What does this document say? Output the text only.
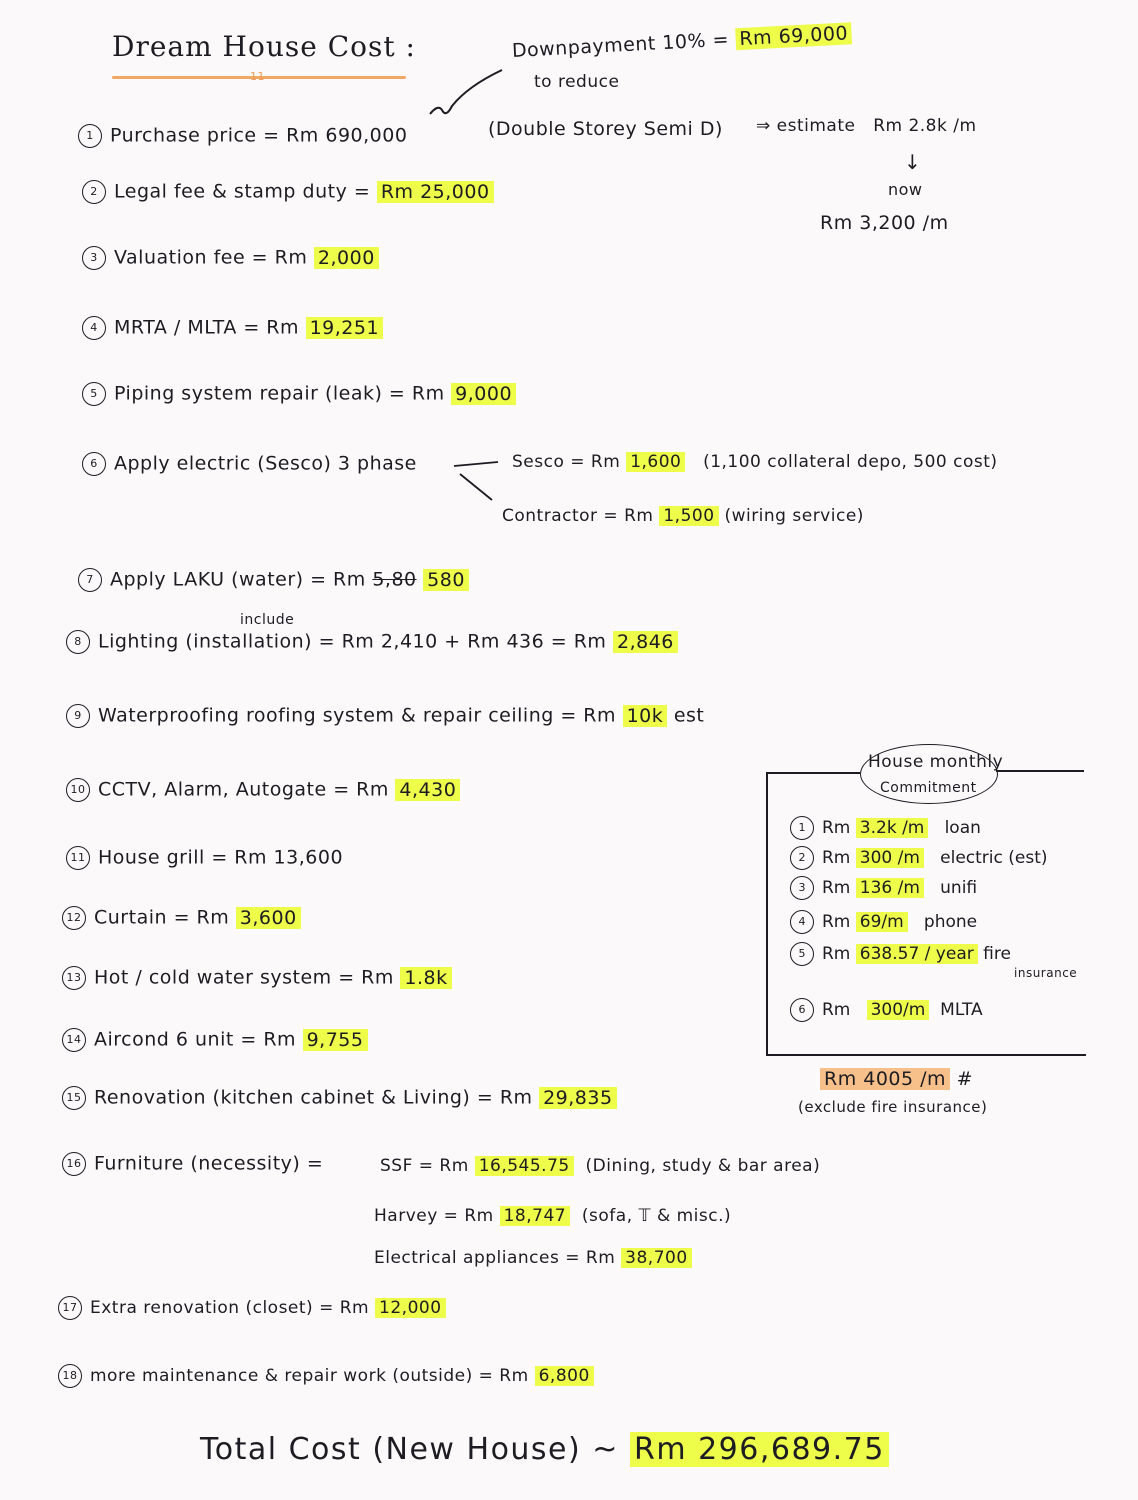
Dream House Cost :
11
Downpayment 10% = Rm 69,000
to reduce
⇒ estimate Rm 2.8k /m
↓
now
Rm 3,200 /m
1 Purchase price = Rm 690,000	(Double Storey Semi D)
2 Legal fee & stamp duty = Rm 25,000
3 Valuation fee = Rm 2,000
4 MRTA / MLTA = Rm 19,251
5 Piping system repair (leak) = Rm 9,000
6 Apply electric (Sesco) 3 phase	Sesco = Rm 1,600 (1,100 collateral depo, 500 cost)
Contractor = Rm 1,500 (wiring service)
7 Apply LAKU (water) = Rm 5,80 580
include
8 Lighting (installation) = Rm 2,410 + Rm 436 = Rm 2,846
9 Waterproofing roofing system & repair ceiling = Rm 10k est
10 CCTV, Alarm, Autogate = Rm 4,430
11 House grill = Rm 13,600
12 Curtain = Rm 3,600
13 Hot / cold water system = Rm 1.8k
14 Aircond 6 unit = Rm 9,755
15 Renovation (kitchen cabinet & Living) = Rm 29,835
16 Furniture (necessity) =	SSF = Rm 16,545.75 (Dining, study & bar area)
Harvey = Rm 18,747 (sofa, 𝕋 & misc.)
Electrical appliances = Rm 38,700
17 Extra renovation (closet) = Rm 12,000
18 more maintenance & repair work (outside) = Rm 6,800
Total Cost (New House) ~ Rm 296,689.75
House monthly
Commitment
1 Rm 3.2k /m loan
2 Rm 300 /m electric (est)
3 Rm 136 /m unifi
4 Rm 69/m phone
5 Rm 638.57 / year fire
insurance
6 Rm 300/m MLTA
Rm 4005 /m #
(exclude fire insurance)
